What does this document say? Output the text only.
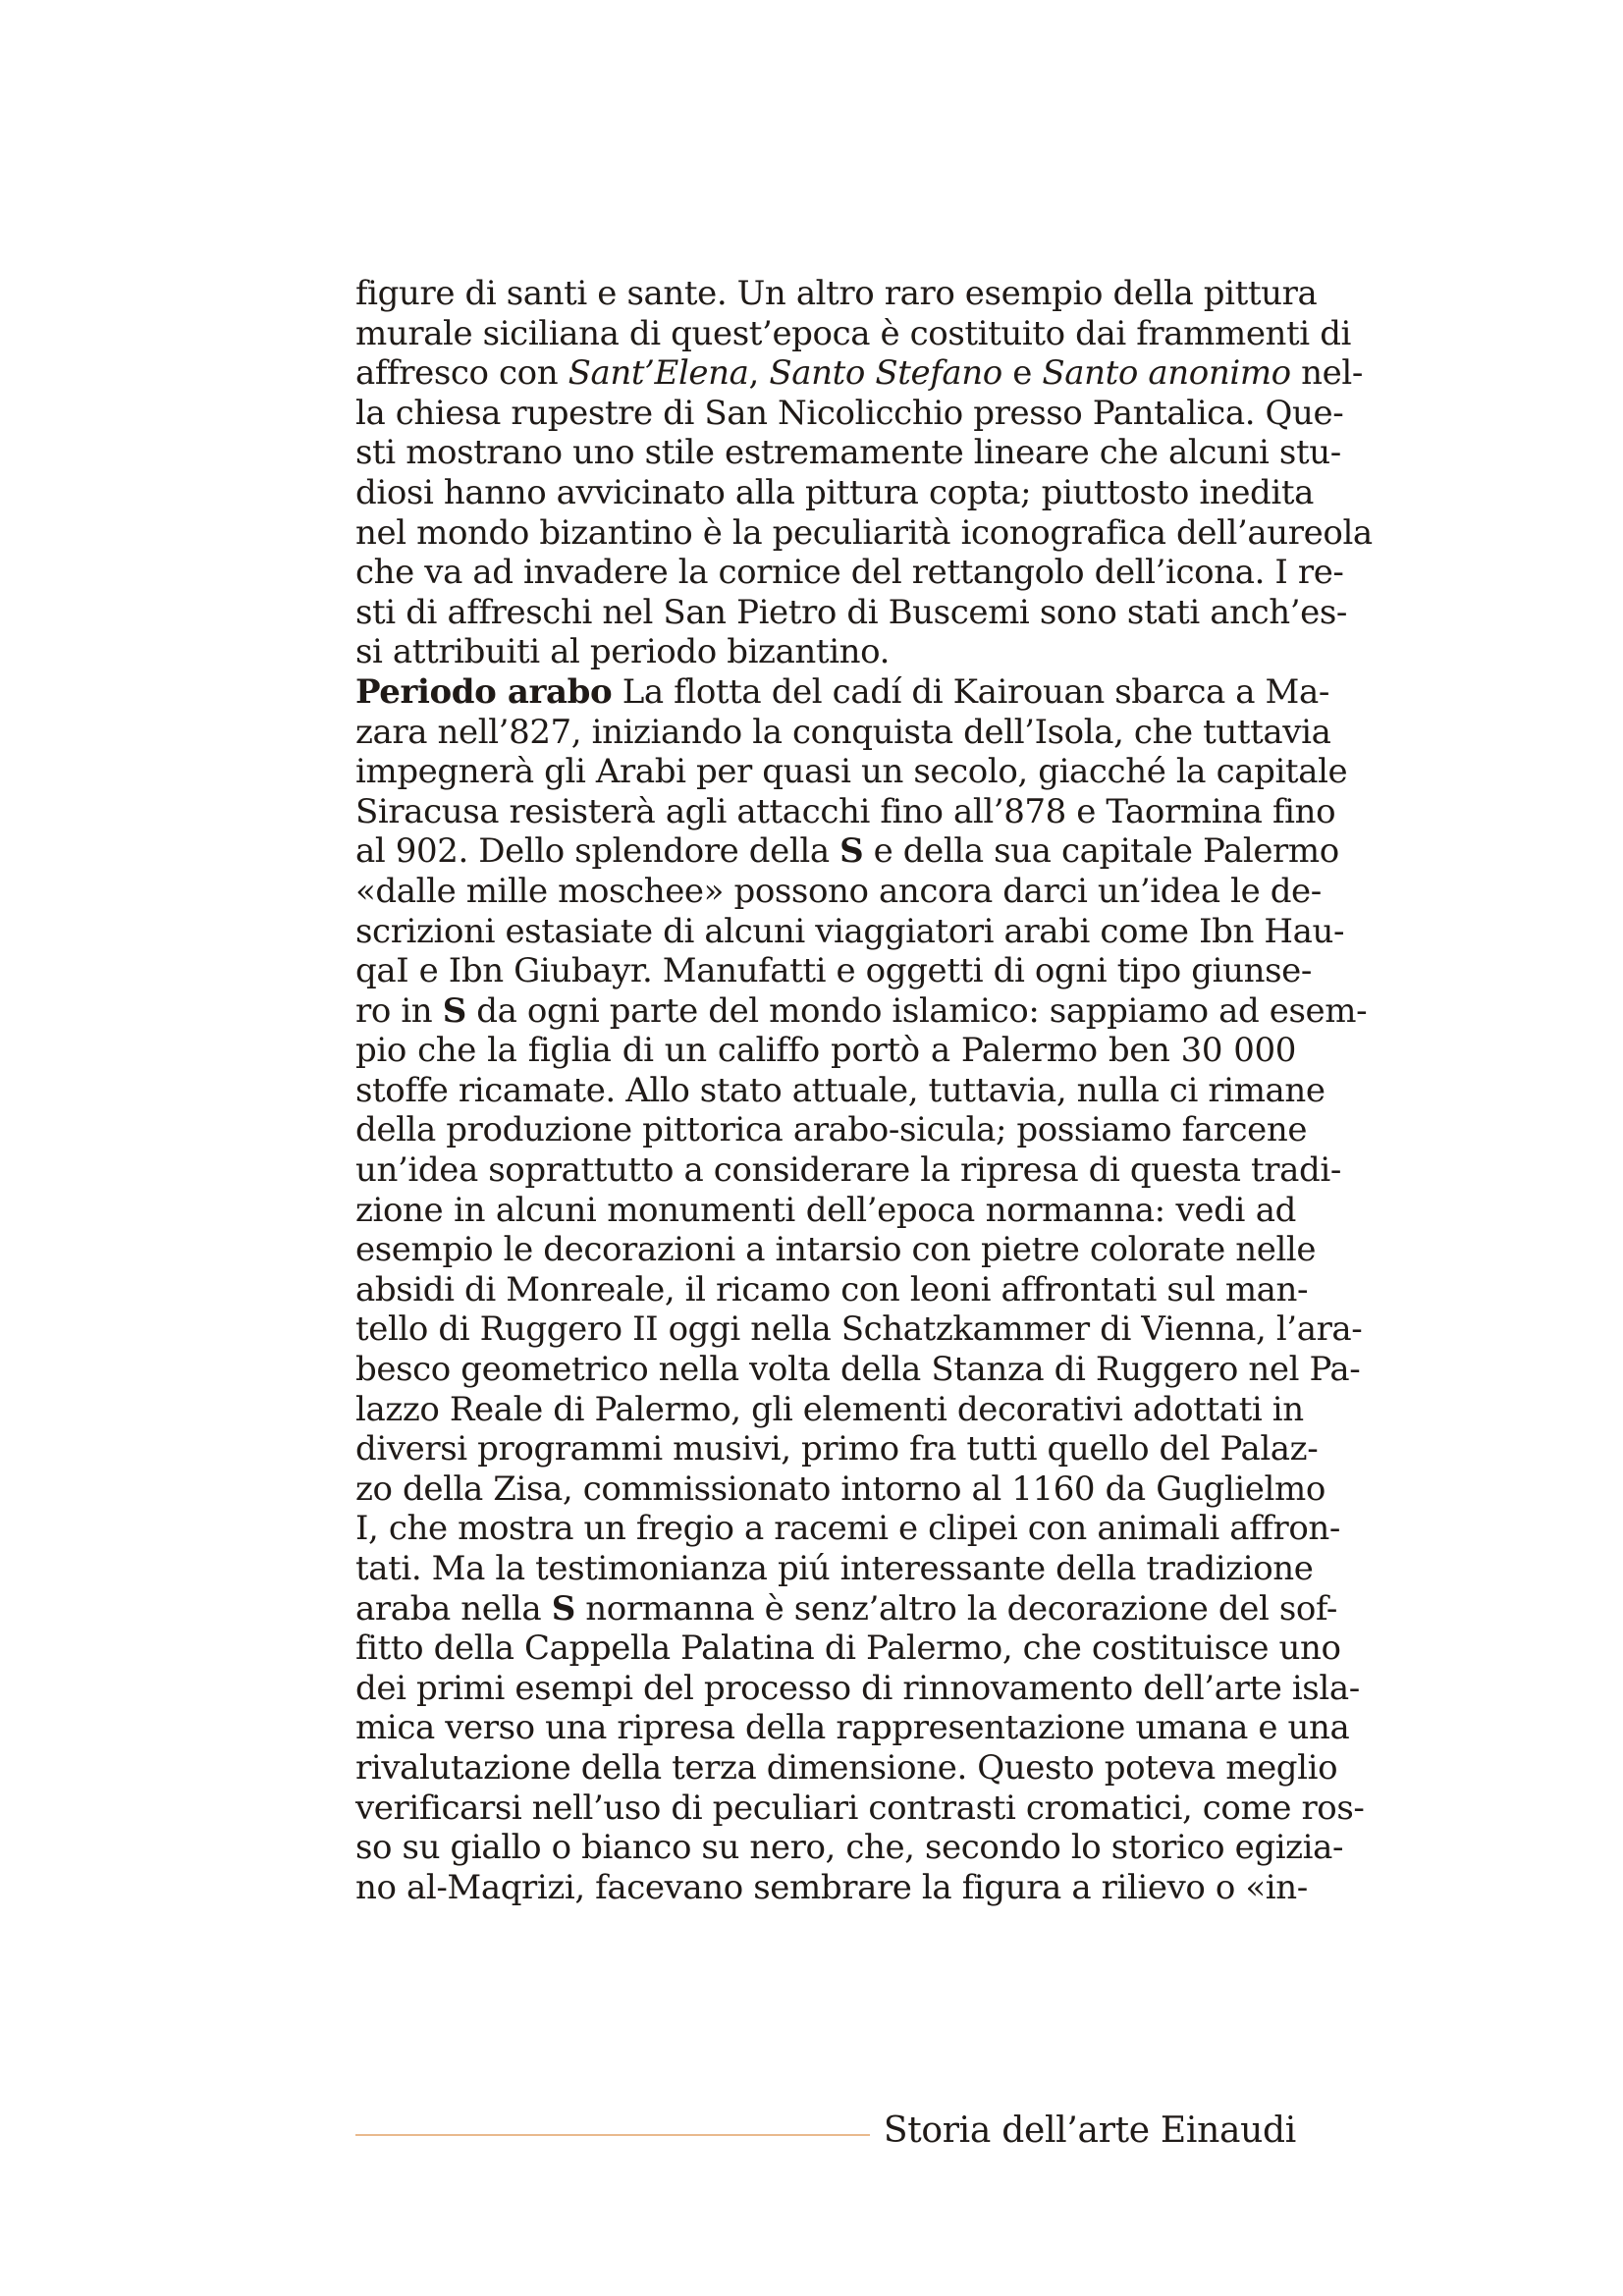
figure di santi e sante. Un altro raro esempio della pittura
murale siciliana di quest’epoca è costituito dai frammenti di
affresco con Sant’Elena, Santo Stefano e Santo anonimo nel-
la chiesa rupestre di San Nicolicchio presso Pantalica. Que-
sti mostrano uno stile estremamente lineare che alcuni stu-
diosi hanno avvicinato alla pittura copta; piuttosto inedita
nel mondo bizantino è la peculiarità iconografica dell’aureola
che va ad invadere la cornice del rettangolo dell’icona. I re-
sti di affreschi nel San Pietro di Buscemi sono stati anch’es-
si attribuiti al periodo bizantino.
Periodo arabo La flotta del cadí di Kairouan sbarca a Ma-
zara nell’827, iniziando la conquista dell’Isola, che tuttavia
impegnerà gli Arabi per quasi un secolo, giacché la capitale
Siracusa resisterà agli attacchi fino all’878 e Taormina fino
al 902. Dello splendore della S e della sua capitale Palermo
«dalle mille moschee» possono ancora darci un’idea le de-
scrizioni estasiate di alcuni viaggiatori arabi come Ibn Hau-
qaI e Ibn Giubayr. Manufatti e oggetti di ogni tipo giunse-
ro in S da ogni parte del mondo islamico: sappiamo ad esem-
pio che la figlia di un califfo portò a Palermo ben 30 000
stoffe ricamate. Allo stato attuale, tuttavia, nulla ci rimane
della produzione pittorica arabo-sicula; possiamo farcene
un’idea soprattutto a considerare la ripresa di questa tradi-
zione in alcuni monumenti dell’epoca normanna: vedi ad
esempio le decorazioni a intarsio con pietre colorate nelle
absidi di Monreale, il ricamo con leoni affrontati sul man-
tello di Ruggero II oggi nella Schatzkammer di Vienna, l’ara-
besco geometrico nella volta della Stanza di Ruggero nel Pa-
lazzo Reale di Palermo, gli elementi decorativi adottati in
diversi programmi musivi, primo fra tutti quello del Palaz-
zo della Zisa, commissionato intorno al 1160 da Guglielmo
I, che mostra un fregio a racemi e clipei con animali affron-
tati. Ma la testimonianza piú interessante della tradizione
araba nella S normanna è senz’altro la decorazione del sof-
fitto della Cappella Palatina di Palermo, che costituisce uno
dei primi esempi del processo di rinnovamento dell’arte isla-
mica verso una ripresa della rappresentazione umana e una
rivalutazione della terza dimensione. Questo poteva meglio
verificarsi nell’uso di peculiari contrasti cromatici, come ros-
so su giallo o bianco su nero, che, secondo lo storico egizia-
no al-Maqrizi, facevano sembrare la figura a rilievo o «in-
Storia dell’arte Einaudi
